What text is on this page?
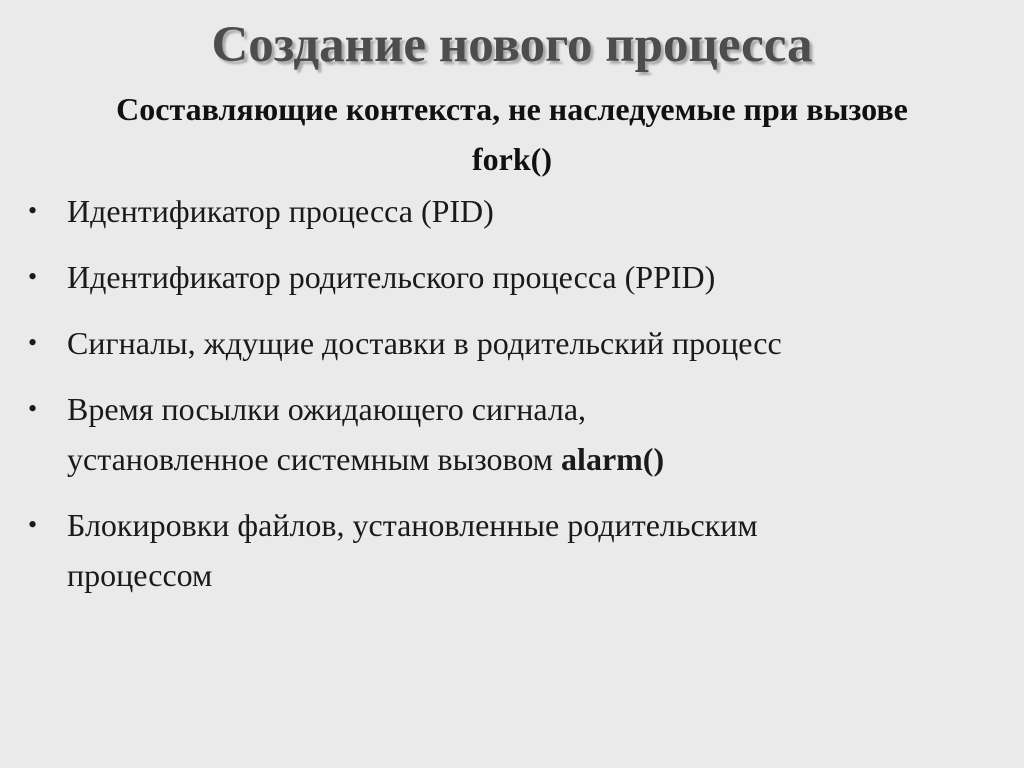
Создание нового процесса
Составляющие контекста, не наследуемые при вызове
fork()
• Идентификатор процесса (PID)
• Идентификатор родительского процесса (PPID)
• Сигналы, ждущие доставки в родительский процесс
• Время посылки ожидающего сигнала,
установленное системным вызовом alarm()
• Блокировки файлов, установленные родительским
процессом
